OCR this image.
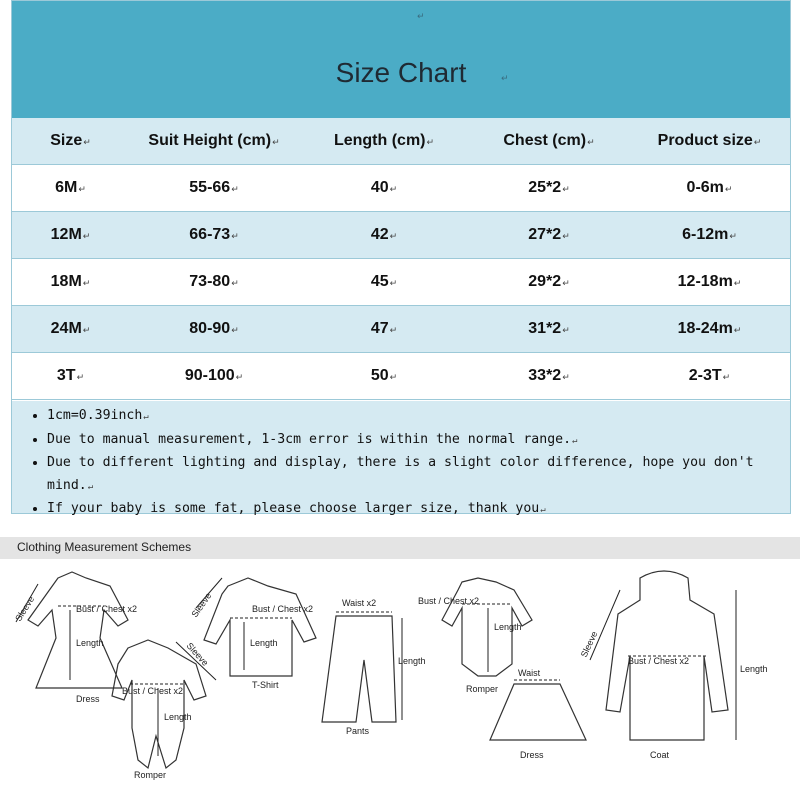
↵
Size Chart	↵
Size↵	Suit Height (cm)↵	Length (cm)↵	Chest (cm)↵	Product size↵
6M↵	55-66↵	40↵	25*2↵	0-6m↵
12M↵	66-73↵	42↵	27*2↵	6-12m↵
18M↵	73-80↵	45↵	29*2↵	12-18m↵
24M↵	80-90↵	47↵	31*2↵	18-24m↵
3T↵	90-100↵	50↵	33*2↵	2-3T↵
• 1cm=0.39inch↵
• Due to manual measurement, 1-3cm error is within the normal range.↵
• Due to different lighting and display, there is a slight color difference, hope you don't mind.↵
• If your baby is some fat, please choose larger size, thank you↵
Clothing Measurement Schemes
Sleeve	Bust / Chest x2
Length
Dress
Sleeve
Bust / Chest x2
Length
Romper
Sleeve	Bust / Chest x2
Length
T-Shirt
Waist x2
Length
Pants
Bust / Chest x2
Length
Romper
Waist
Dress
Sleeve
Bust / Chest x2
Length
Coat
